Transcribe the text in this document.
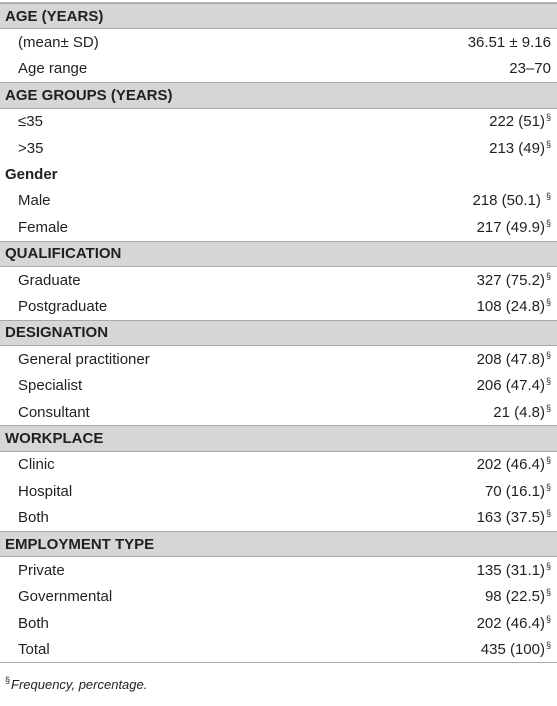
AGE (YEARS)
(mean± SD)	36.51 ± 9.16
Age range	23–70
AGE GROUPS (YEARS)
≤35	222 (51)§
>35	213 (49)§
Gender
Male	218 (50.1) §
Female	217 (49.9)§
QUALIFICATION
Graduate	327 (75.2)§
Postgraduate	108 (24.8)§
DESIGNATION
General practitioner	208 (47.8)§
Specialist	206 (47.4)§
Consultant	21 (4.8)§
WORKPLACE
Clinic	202 (46.4)§
Hospital	70 (16.1)§
Both	163 (37.5)§
EMPLOYMENT TYPE
Private	135 (31.1)§
Governmental	98 (22.5)§
Both	202 (46.4)§
Total	435 (100)§
§Frequency, percentage.
